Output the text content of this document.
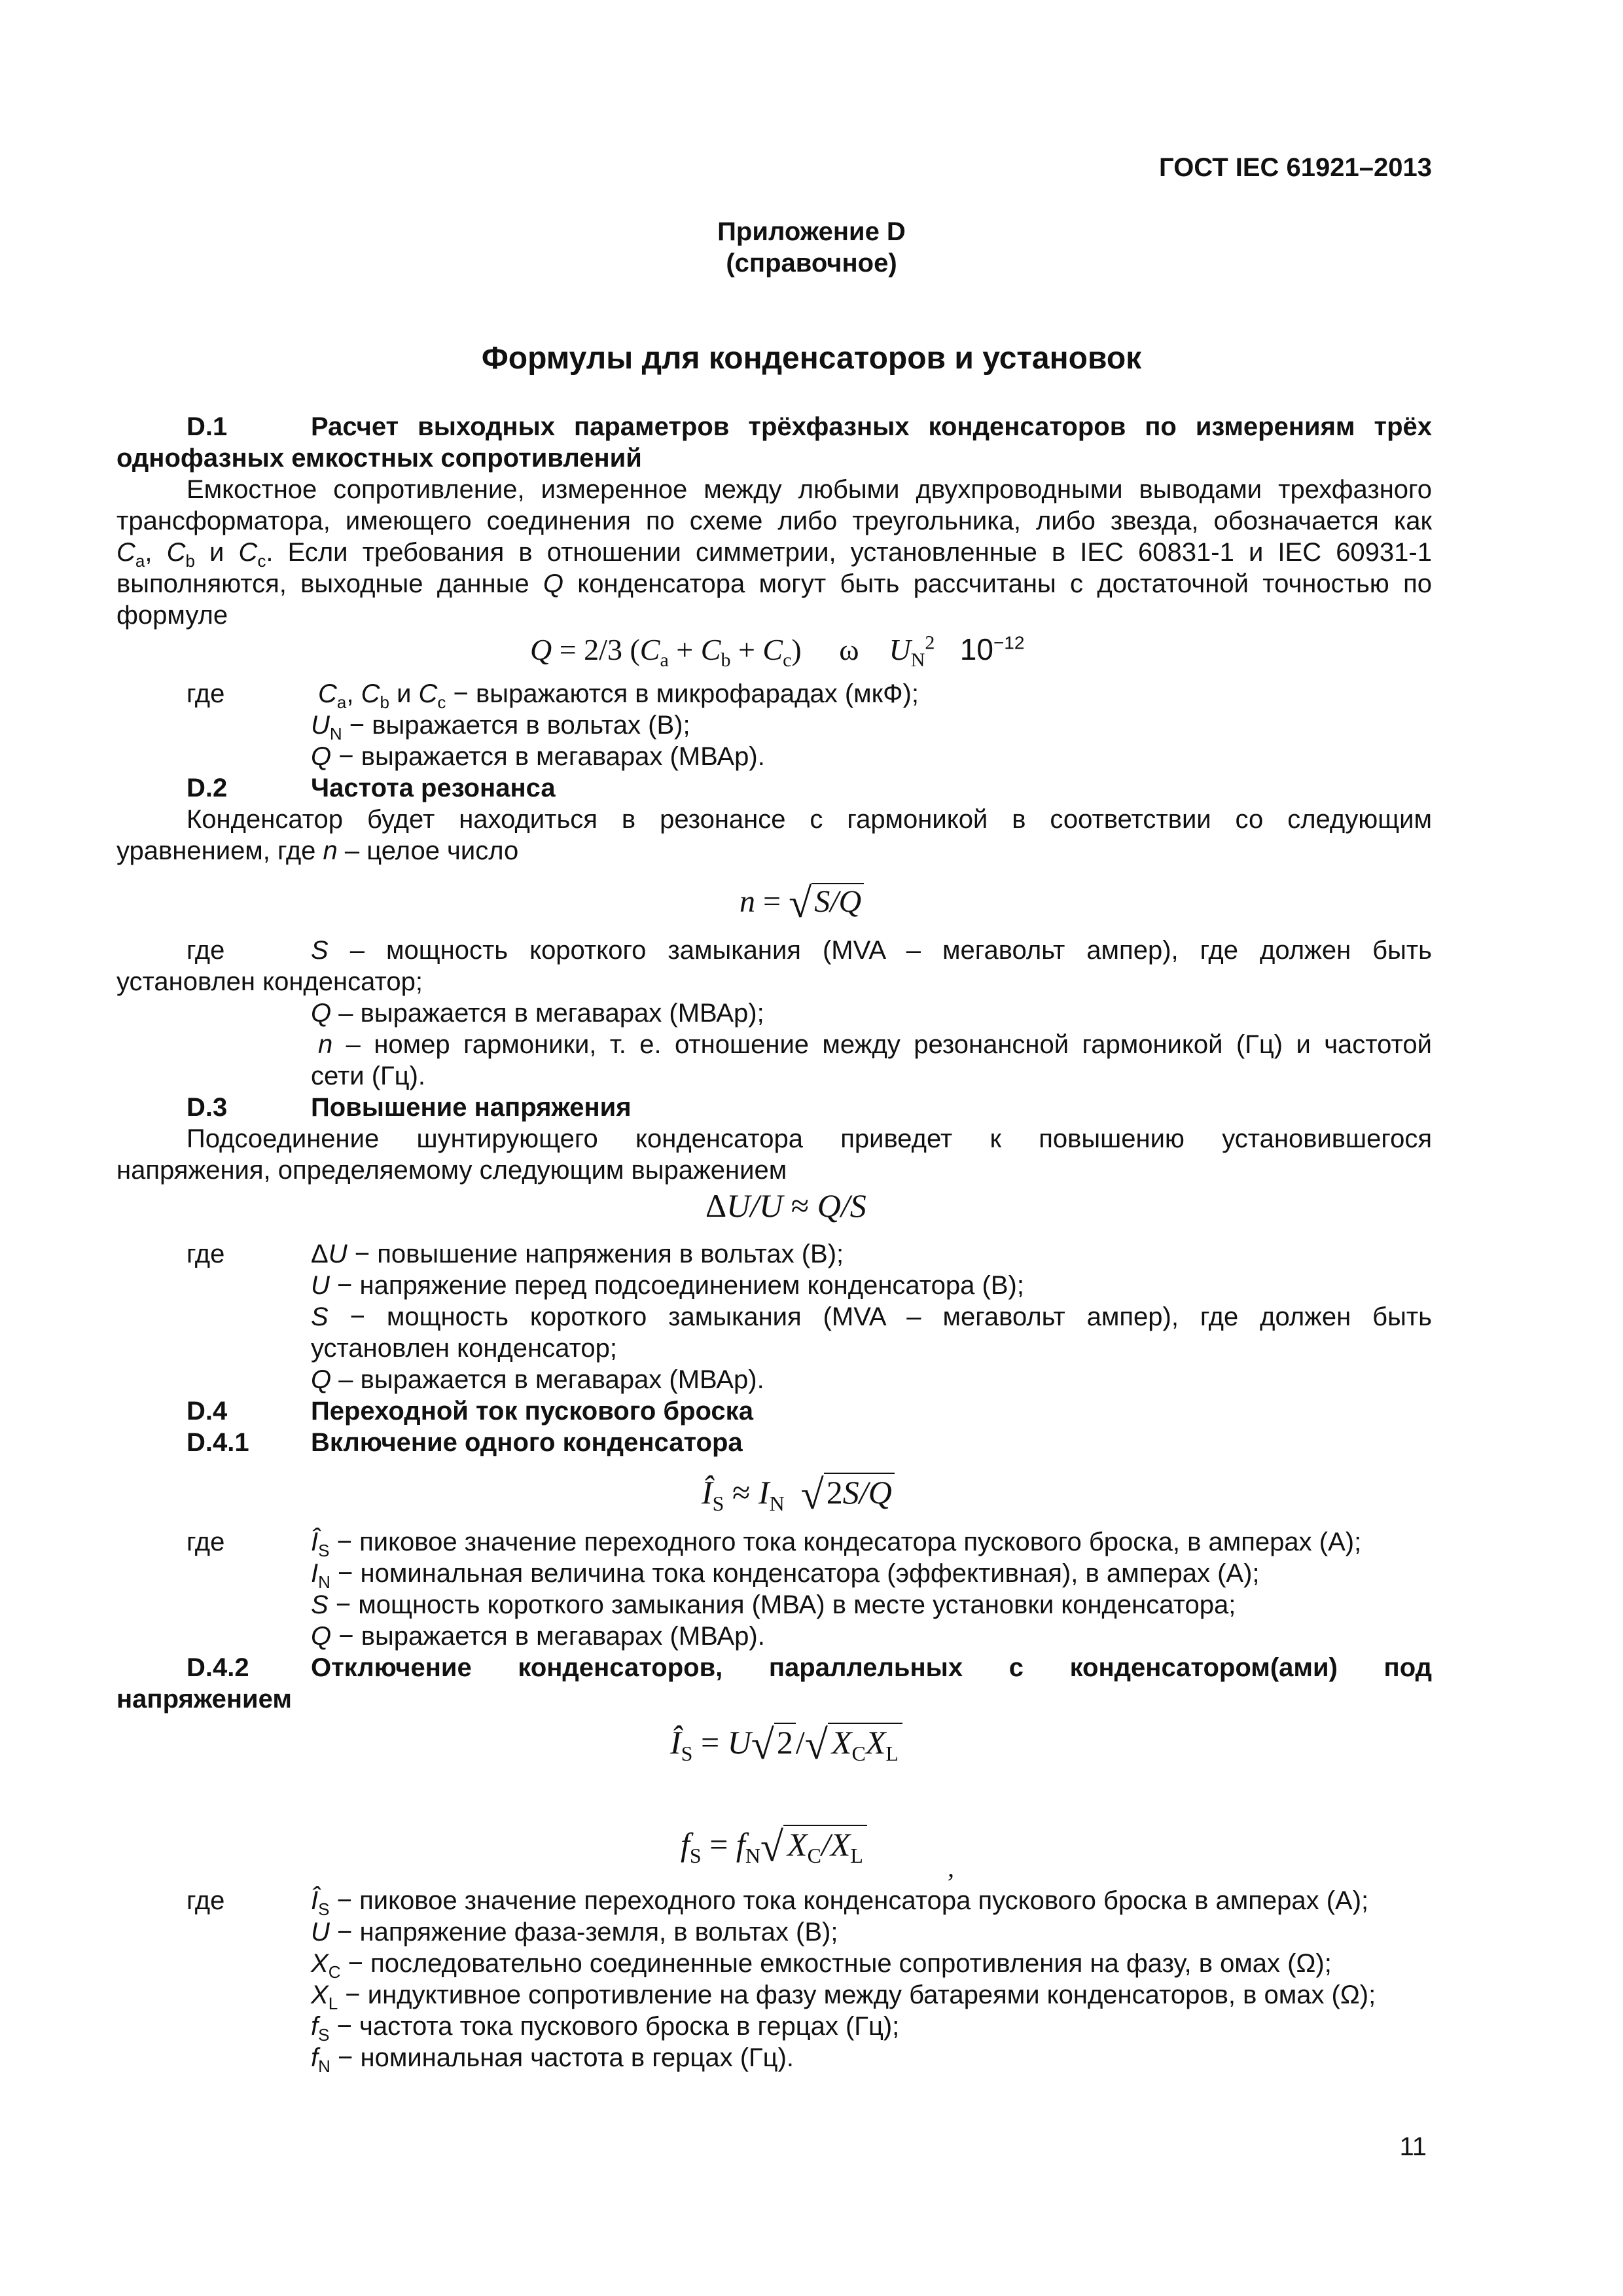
ГОСТ IEC 61921–2013
Приложение D
(справочное)
Формулы для конденсаторов и установок
D.1	Расчет выходных параметров трёхфазных конденсаторов по измерениям трёх
однофазных емкостных сопротивлений
Емкостное сопротивление, измеренное между любыми двухпроводными выводами трехфазного
трансформатора, имеющего соединения по схеме либо треугольника, либо звезда, обозначается как
$C_a$, $C_b$ и $C_c$. Если требования в отношении симметрии, установленные в IEC 60831-1 и IEC 60931-1
выполняются, выходные данные Q конденсатора могут быть рассчитаны с достаточной точностью по
формуле
Q = 2/3 $(C_a + C_b + C_c)$     ω    $U_N^2$   $10^{-12}$
где	$C_a$, $C_b$ и $C_c$ − выражаются в микрофарадах (мкФ);
$U_N$ − выражается в вольтах (В);
Q − выражается в мегаварах (МВАр).
D.2	Частота резонанса
Конденсатор будет находиться в резонансе с гармоникой в соответствии со следующим
уравнением, где n – целое число
n = √S/Q
где	S – мощность короткого замыкания (MVA – мегавольт ампер), где должен быть
установлен конденсатор;
Q – выражается в мегаварах (МВАр);
n – номер гармоники, т. е. отношение между резонансной гармоникой (Гц) и частотой
сети (Гц).
D.3	Повышение напряжения
Подсоединение шунтирующего конденсатора приведет к повышению установившегося
напряжения, определяемому следующим выражением
ΔU/U ≈ Q/S
где	ΔU − повышение напряжения в вольтах (В);
U − напряжение перед подсоединением конденсатора (В);
S − мощность короткого замыкания (MVA – мегавольт ампер), где должен быть
установлен конденсатор;
Q – выражается в мегаварах (МВАр).
D.4	Переходной ток пускового броска
D.4.1 Включение одного конденсатора
$Î_S \approx I_N$ √2S/Q
где	$Î_S$ − пиковое значение переходного тока кондесатора пускового броска, в амперах (А);
$I_N$ − номинальная величина тока конденсатора (эффективная), в амперах (А);
S − мощность короткого замыкания (МВА) в месте установки конденсатора;
Q − выражается в мегаварах (МВАр).
D.4.2 Отключение конденсаторов, параллельных с конденсатором(ами) под
напряжением
$Î_S = U√2/√$ $X_CX_L$
$f_S = f_N√$ $X_C/X_L$	,
где	$Î_S$ − пиковое значение переходного тока конденсатора пускового броска в амперах (А);
U − напряжение фаза-земля, в вольтах (В);
$X_C$ − последовательно соединенные емкостные сопротивления на фазу, в омах (Ω);
$X_L$ − индуктивное сопротивление на фазу между батареями конденсаторов, в омах (Ω);
$f_S$ − частота тока пускового броска в герцах (Гц);
$f_N$ − номинальная частота в герцах (Гц).
11
